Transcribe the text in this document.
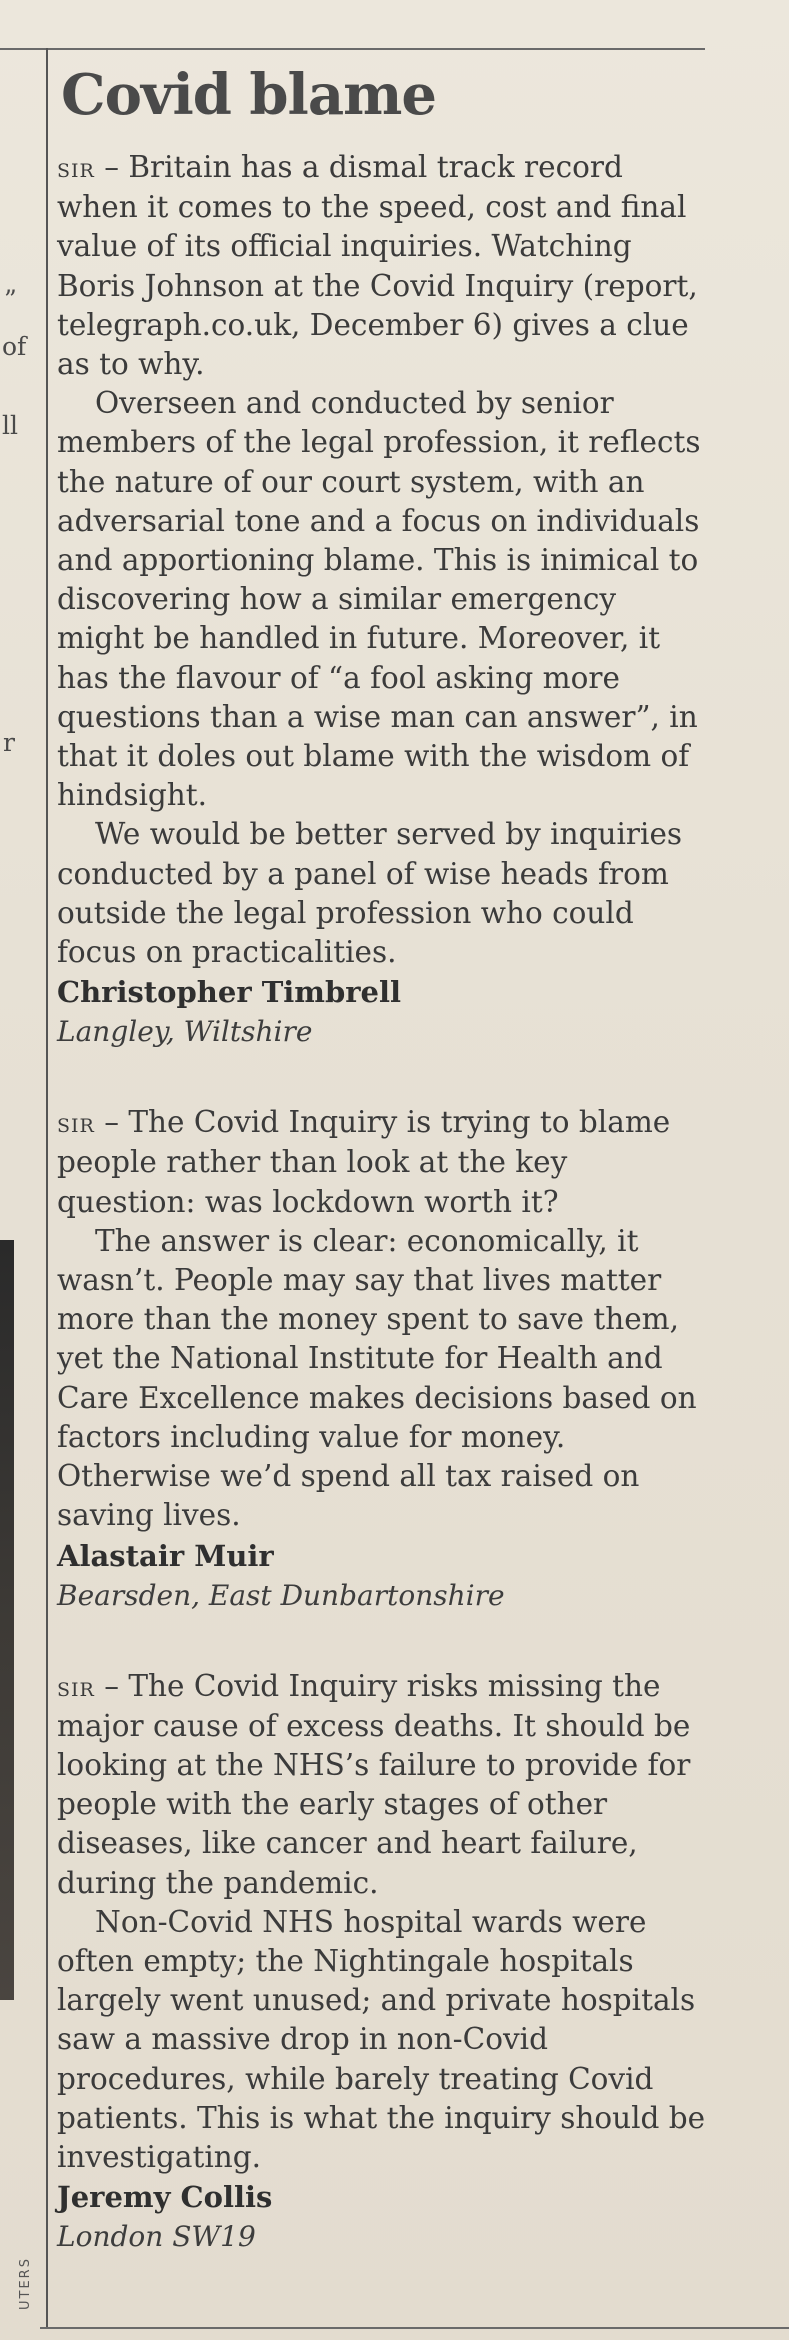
”
of
ll
r
UTERS
Covid blame

sir – Britain has a dismal track record when it comes to the speed, cost and final value of its official inquiries. Watching Boris Johnson at the Covid Inquiry (report, telegraph.co.uk, December 6) gives a clue as to why.

Overseen and conducted by senior members of the legal profession, it reflects the nature of our court system, with an adversarial tone and a focus on individuals and apportioning blame. This is inimical to discovering how a similar emergency might be handled in future. Moreover, it has the flavour of “a fool asking more questions than a wise man can answer”, in that it doles out blame with the wisdom of hindsight.

We would be better served by inquiries conducted by a panel of wise heads from outside the legal profession who could focus on practicalities.

Christopher Timbrell
Langley, Wiltshire

sir – The Covid Inquiry is trying to blame people rather than look at the key question: was lockdown worth it?

The answer is clear: economically, it wasn’t. People may say that lives matter more than the money spent to save them, yet the National Institute for Health and Care Excellence makes decisions based on factors including value for money. Otherwise we’d spend all tax raised on saving lives.

Alastair Muir
Bearsden, East Dunbartonshire

sir – The Covid Inquiry risks missing the major cause of excess deaths. It should be looking at the NHS’s failure to provide for people with the early stages of other diseases, like cancer and heart failure, during the pandemic.

Non-Covid NHS hospital wards were often empty; the Nightingale hospitals largely went unused; and private hospitals saw a massive drop in non-Covid procedures, while barely treating Covid patients. This is what the inquiry should be investigating.

Jeremy Collis
London SW19
